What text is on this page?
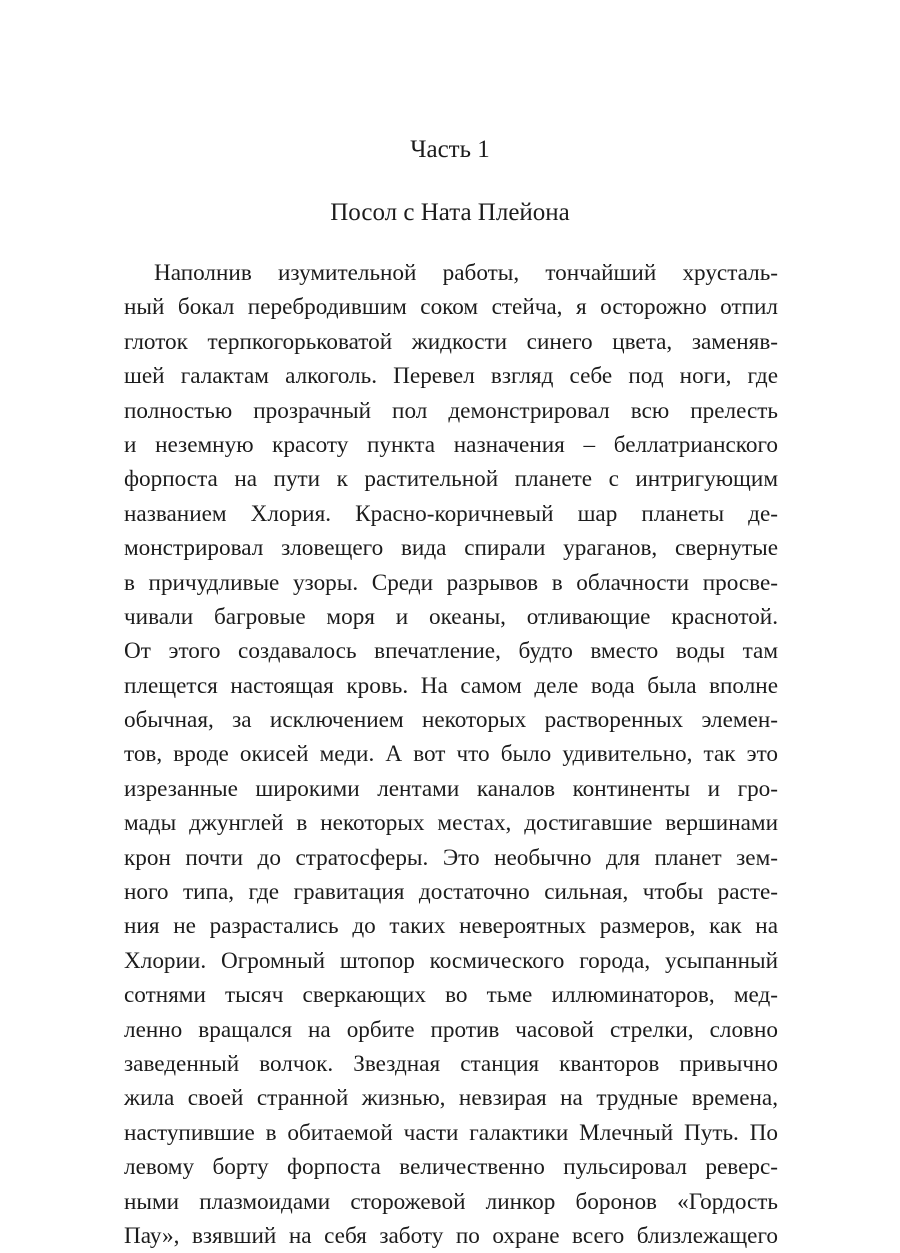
Часть 1
Посол с Ната Плейона
Наполнив изумительной работы, тончайший хрусталь-
ный бокал перебродившим соком стейча, я осторожно отпил
глоток терпкогорьковатой жидкости синего цвета, заменяв-
шей галактам алкоголь. Перевел взгляд себе под ноги, где
полностью прозрачный пол демонстрировал всю прелесть
и неземную красоту пункта назначения – беллатрианского
форпоста на пути к растительной планете с интригующим
названием Хлория. Красно-коричневый шар планеты де-
монстрировал зловещего вида спирали ураганов, свернутые
в причудливые узоры. Среди разрывов в облачности просве-
чивали багровые моря и океаны, отливающие краснотой.
От этого создавалось впечатление, будто вместо воды там
плещется настоящая кровь. На самом деле вода была вполне
обычная, за исключением некоторых растворенных элемен-
тов, вроде окисей меди. А вот что было удивительно, так это
изрезанные широкими лентами каналов континенты и гро-
мады джунглей в некоторых местах, достигавшие вершинами
крон почти до стратосферы. Это необычно для планет зем-
ного типа, где гравитация достаточно сильная, чтобы расте-
ния не разрастались до таких невероятных размеров, как на
Хлории. Огромный штопор космического города, усыпанный
сотнями тысяч сверкающих во тьме иллюминаторов, мед-
ленно вращался на орбите против часовой стрелки, словно
заведенный волчок. Звездная станция кванторов привычно
жила своей странной жизнью, невзирая на трудные времена,
наступившие в обитаемой части галактики Млечный Путь. По
левому борту форпоста величественно пульсировал реверс-
ными плазмоидами сторожевой линкор боронов «Гордость
Пау», взявший на себя заботу по охране всего близлежащего
